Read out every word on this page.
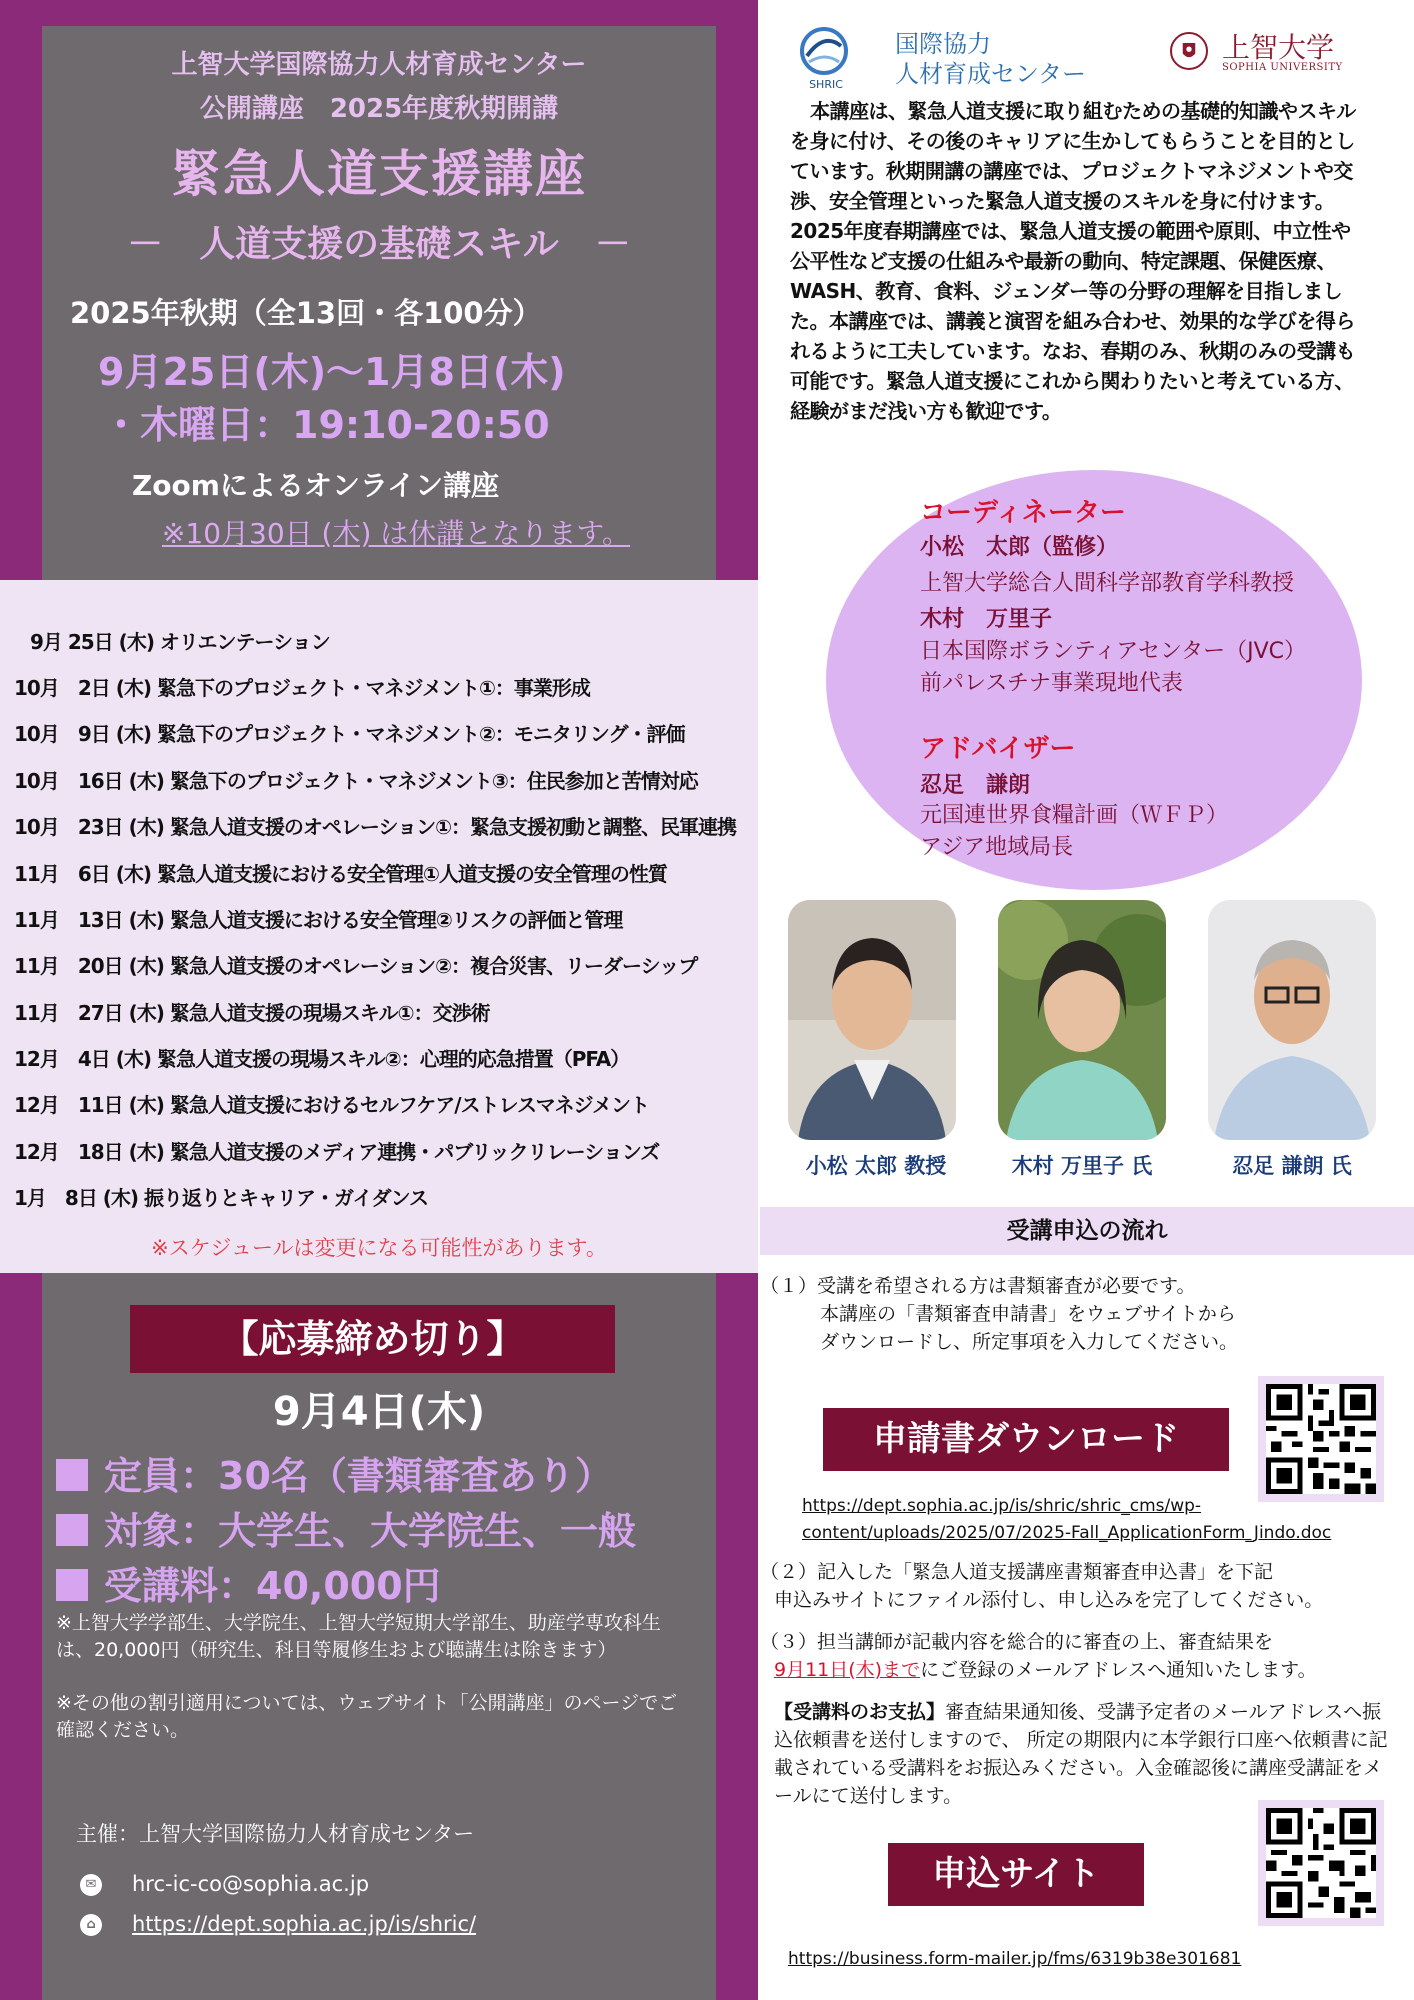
上智大学国際協力人材育成センター
公開講座　2025年度秋期開講
緊急人道支援講座
－　人道支援の基礎スキル　－
2025年秋期（全13回・各100分）
9月25日(木)～1月8日(木)
・木曜日：19:10-20:50
Zoomによるオンライン講座
※10月30日 (木) は休講となります。
9月 25日 (木) オリエンテーション
10月　2日 (木) 緊急下のプロジェクト・マネジメント①：事業形成
10月　9日 (木) 緊急下のプロジェクト・マネジメント②：モニタリング・評価
10月　16日 (木) 緊急下のプロジェクト・マネジメント③：住民参加と苦情対応
10月　23日 (木) 緊急人道支援のオペレーション①：緊急支援初動と調整、民軍連携
11月　6日 (木) 緊急人道支援における安全管理①人道支援の安全管理の性質
11月　13日 (木) 緊急人道支援における安全管理②リスクの評価と管理
11月　20日 (木) 緊急人道支援のオペレーション②：複合災害、リーダーシップ
11月　27日 (木) 緊急人道支援の現場スキル①：交渉術
12月　4日 (木) 緊急人道支援の現場スキル②：心理的応急措置（PFA）
12月　11日 (木) 緊急人道支援におけるセルフケア/ストレスマネジメント
12月　18日 (木) 緊急人道支援のメディア連携・パブリックリレーションズ
1月　8日 (木) 振り返りとキャリア・ガイダンス
※スケジュールは変更になる可能性があります。
【応募締め切り】
9月4日(木)
定員：30名（書類審査あり）
対象：大学生、大学院生、一般
受講料：40,000円
※上智大学学部生、大学院生、上智大学短期大学部生、助産学専攻科生は、20,000円（研究生、科目等履修生および聴講生は除きます）
※その他の割引適用については、ウェブサイト「公開講座」のページでご確認ください。
主催：上智大学国際協力人材育成センター
✉ hrc-ic-co@sophia.ac.jp
⌂ https://dept.sophia.ac.jp/is/shric/
SHRIC
国際協力
人材育成センター
上智大学
SOPHIA UNIVERSITY
本講座は、緊急人道支援に取り組むための基礎的知識やスキルを身に付け、その後のキャリアに生かしてもらうことを目的としています。秋期開講の講座では、プロジェクトマネジメントや交渉、安全管理といった緊急人道支援のスキルを身に付けます。2025年度春期講座では、緊急人道支援の範囲や原則、中立性や公平性など支援の仕組みや最新の動向、特定課題、保健医療、WASH、教育、食料、ジェンダー等の分野の理解を目指しました。本講座では、講義と演習を組み合わせ、効果的な学びを得られるように工夫しています。なお、春期のみ、秋期のみの受講も可能です。緊急人道支援にこれから関わりたいと考えている方、経験がまだ浅い方も歓迎です。
コーディネーター
小松　太郎（監修）
上智大学総合人間科学部教育学科教授
木村　万里子
日本国際ボランティアセンター（JVC）
前パレスチナ事業現地代表
アドバイザー
忍足　謙朗
元国連世界食糧計画（ＷＦＰ）
アジア地域局長
小松 太郎 教授	木村 万里子 氏	忍足 謙朗 氏
受講申込の流れ
（１）受講を希望される方は書類審査が必要です。
本講座の「書類審査申請書」をウェブサイトから
ダウンロードし、所定事項を入力してください。
申請書ダウンロード
https://dept.sophia.ac.jp/is/shric/shric_cms/wp-
content/uploads/2025/07/2025-Fall_ApplicationForm_Jindo.doc
（２）記入した「緊急人道支援講座書類審査申込書」を下記
申込みサイトにファイル添付し、申し込みを完了してください。
（３）担当講師が記載内容を総合的に審査の上、審査結果を
9月11日(木)までにご登録のメールアドレスへ通知いたします。
【受講料のお支払】審査結果通知後、受講予定者のメールアドレスへ振込依頼書を送付しますので、 所定の期限内に本学銀行口座へ依頼書に記載されている受講料をお振込みください。入金確認後に講座受講証をメールにて送付します。
申込サイト
https://business.form-mailer.jp/fms/6319b38e301681
